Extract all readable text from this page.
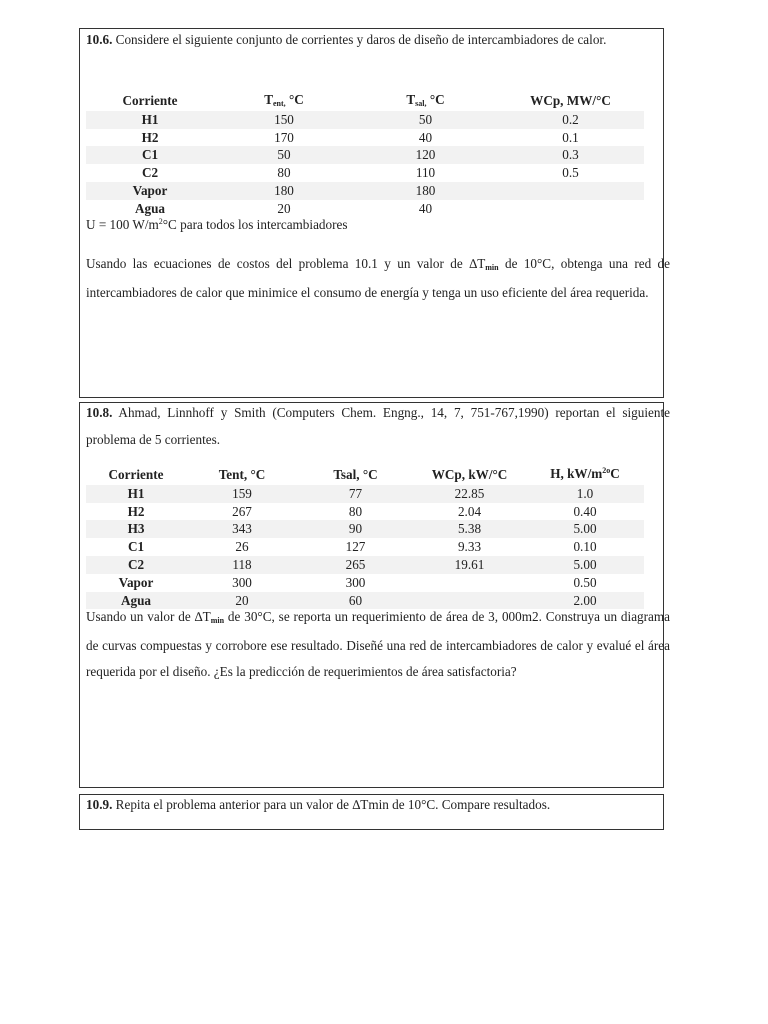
10.6. Considere el siguiente conjunto de corrientes y daros de diseño de intercambiadores de calor.
Corriente	Tent, °C	Tsal, °C	WCp, MW/°C
H1	150	50	0.2
H2	170	40	0.1
C1	50	120	0.3
C2	80	110	0.5
Vapor	180	180	
Agua	20	40	
U = 100 $W/m^2^\circ C$ para todos los intercambiadores
Usando las ecuaciones de costos del problema 10.1 y un valor de ∆Tmin de 10°C, obtenga una red de intercambiadores de calor que minimice el consumo de energía y tenga un uso eficiente del área requerida.
10.8. Ahmad, Linnhoff y Smith (Computers Chem. Engng., 14, 7, 751-767,1990) reportan el siguiente problema de 5 corrientes.
Corriente	Tent, °C	Tsal, °C	WCp, kW/°C	H, $kW/m^{2o}C$
H1	159	77	22.85	1.0
H2	267	80	2.04	0.40
H3	343	90	5.38	5.00
C1	26	127	9.33	0.10
C2	118	265	19.61	5.00
Vapor	300	300		0.50
Agua	20	60		2.00
Usando un valor de ∆Tmin de 30°C, se reporta un requerimiento de área de 3, 000m2. Construya un diagrama de curvas compuestas y corrobore ese resultado. Diseñé una red de intercambiadores de calor y evalué el área requerida por el diseño. ¿Es la predicción de requerimientos de área satisfactoria?
10.9. Repita el problema anterior para un valor de ∆Tmin de 10°C. Compare resultados.
